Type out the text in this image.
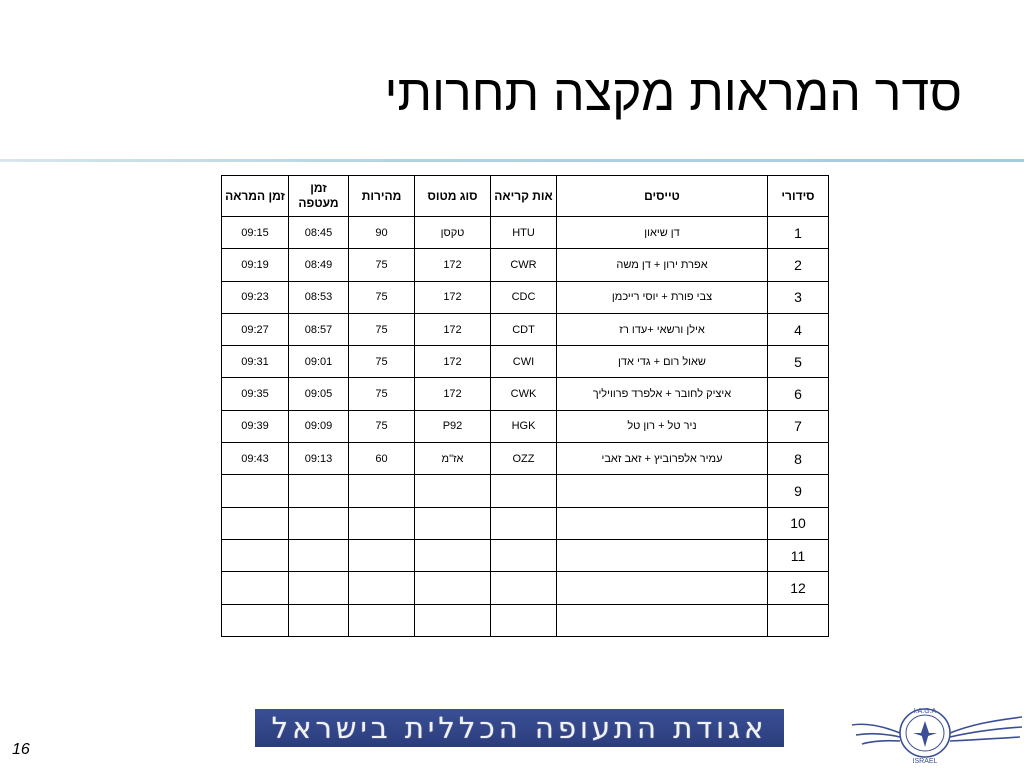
סדר המראות מקצה תחרותי
זמן המראה	זמן מעטפה	מהירות	סוג מטוס	אות קריאה	טייסים	סידורי
09:15	08:45	90	טקסן	HTU	דן שיאון	1
09:19	08:49	75	172	CWR	אפרת ירון + דן משה	2
09:23	08:53	75	172	CDC	צבי פורת + יוסי רייכמן	3
09:27	08:57	75	172	CDT	אילן ורשאי +עדו רז	4
09:31	09:01	75	172	CWI	שאול רום + גדי אדן	5
09:35	09:05	75	172	CWK	איציק לחובר + אלפרד פרוויליך	6
09:39	09:09	75	P92	HGK	ניר טל + רון טל	7
09:43	09:13	60	אז"מ	OZZ	עמיר אלפרוביץ + זאב זאבי	8
						9
						10
						11
						12

16
אגודת התעופה הכללית בישראל	I.A.G.A
ISRAEL
